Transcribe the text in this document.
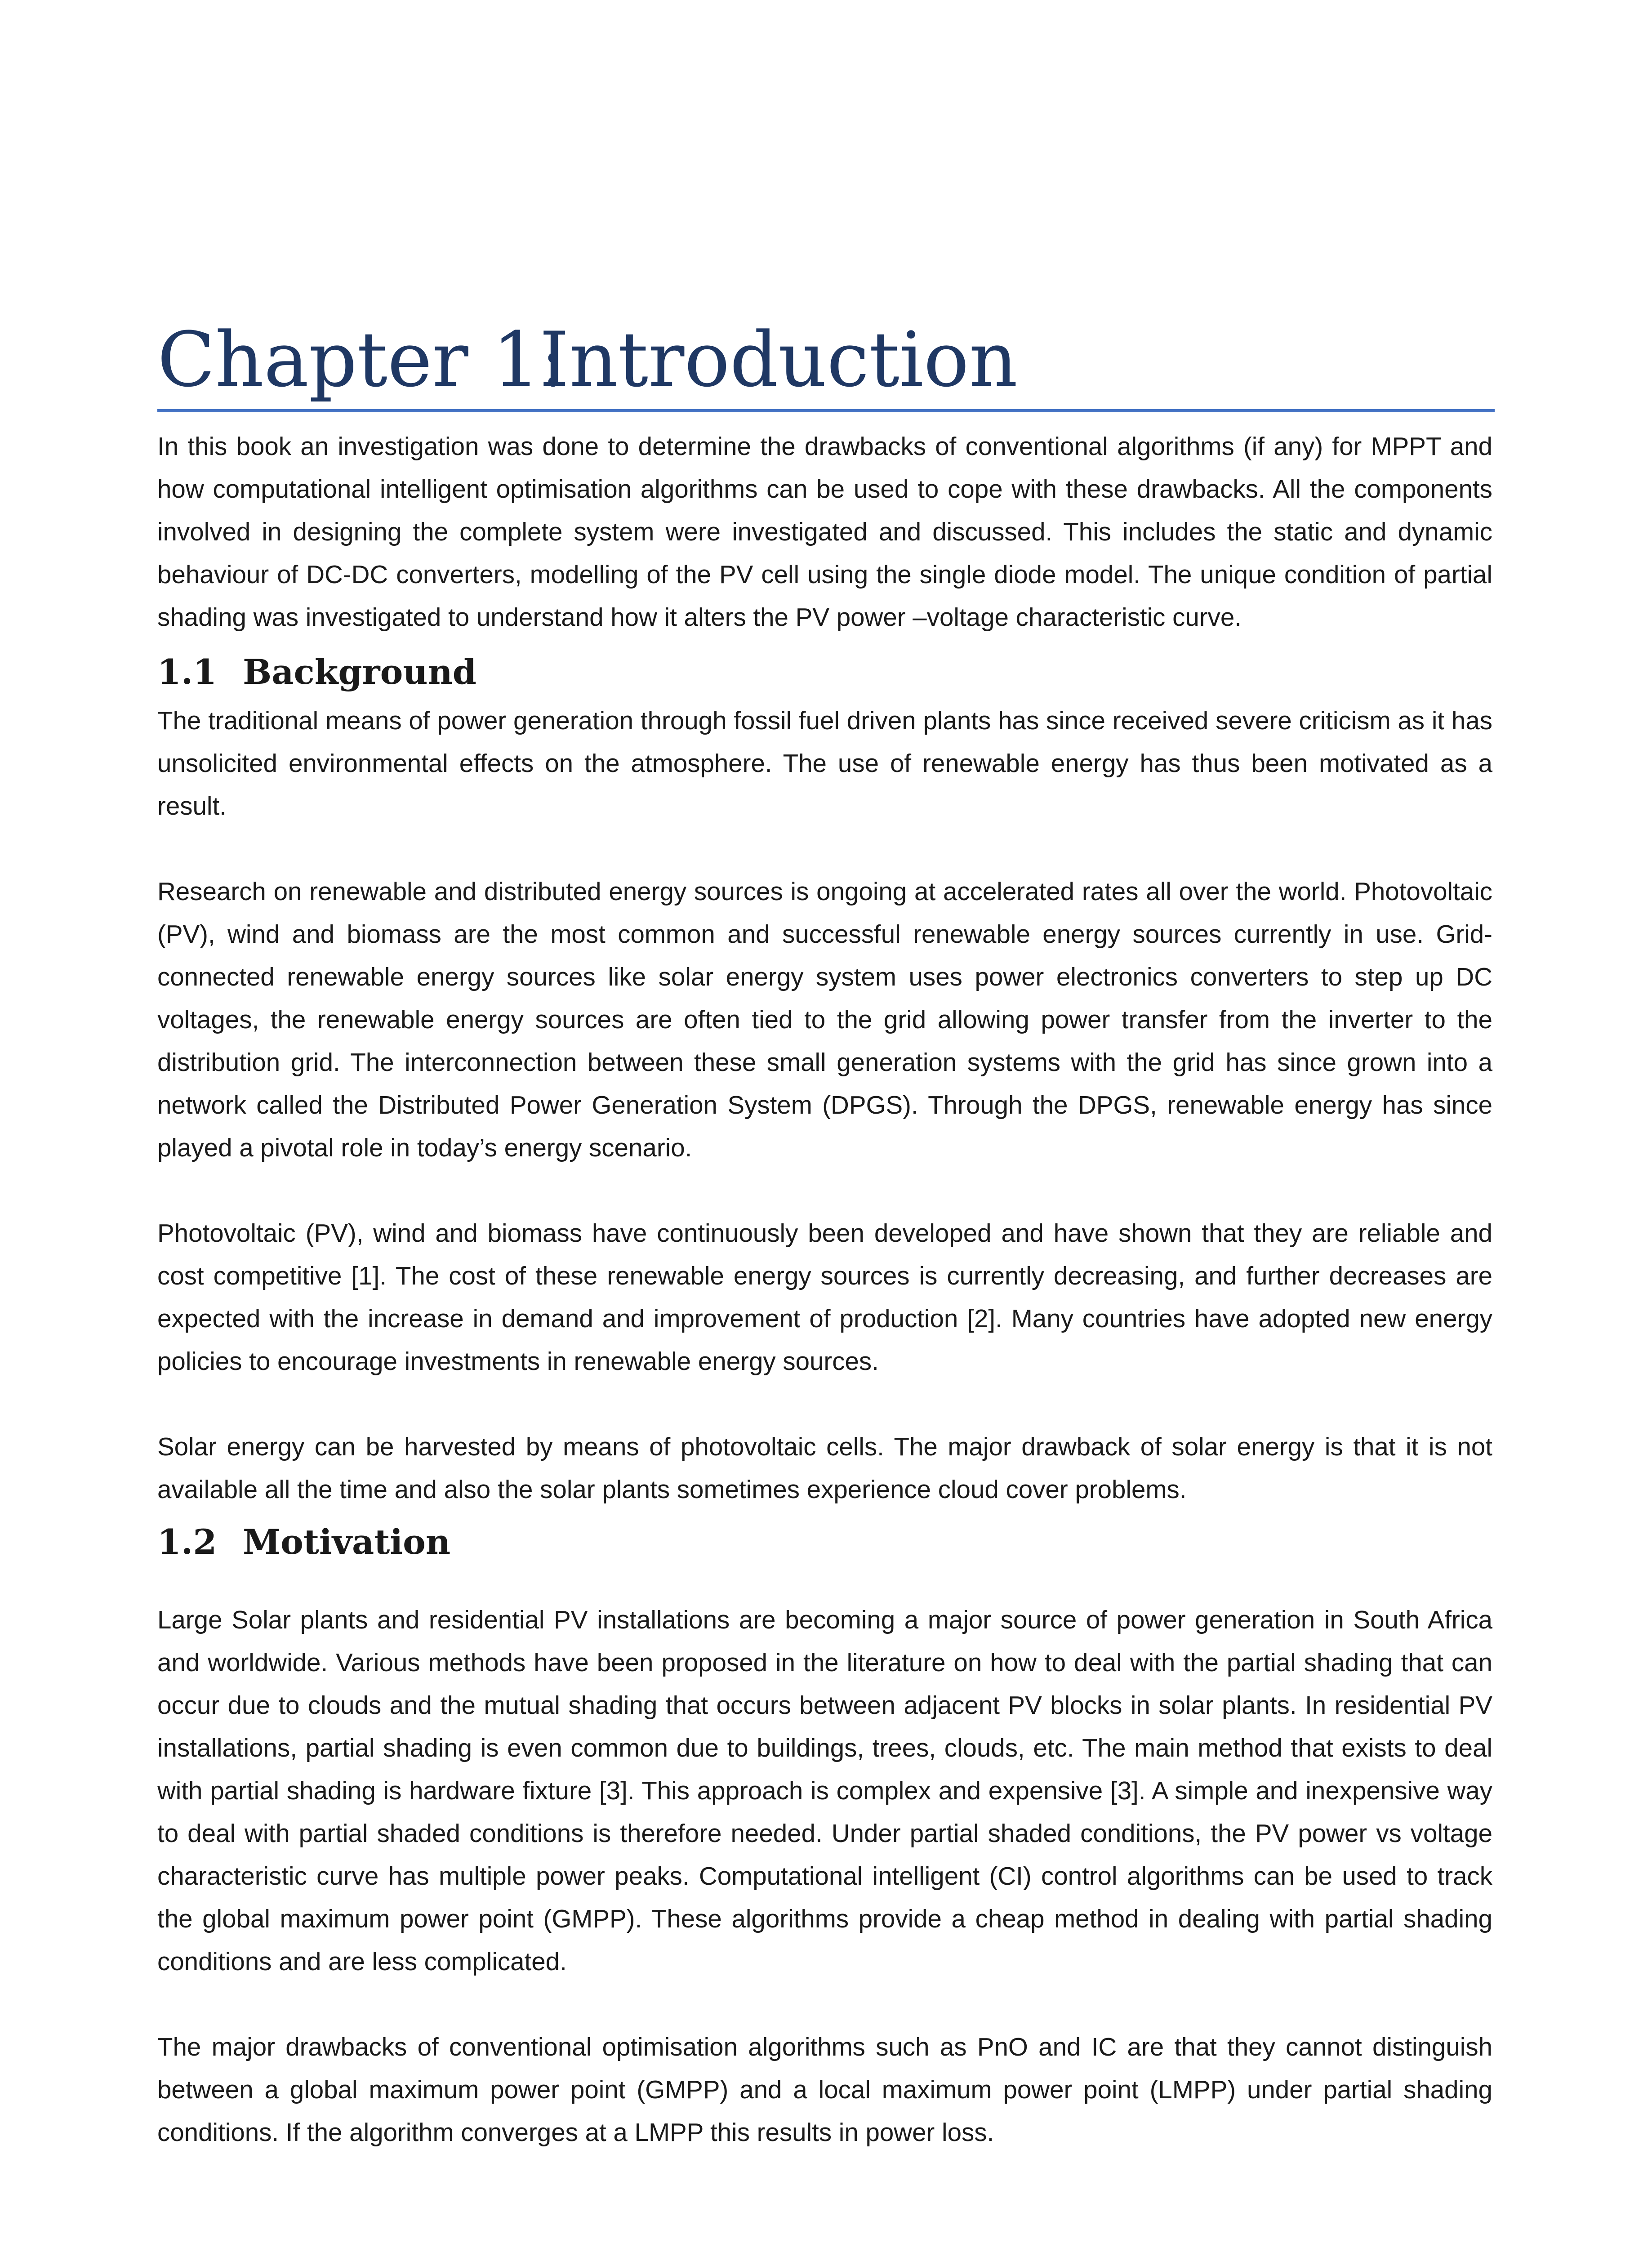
Chapter 1:Introduction

In this book an investigation was done to determine the drawbacks of conventional algorithms (if any) for MPPT and how computational intelligent optimisation algorithms can be used to cope with these drawbacks. All the components involved in designing the complete system were investigated and discussed. This includes the static and dynamic behaviour of DC-DC converters, modelling of the PV cell using the single diode model. The unique condition of partial shading was investigated to understand how it alters the PV power –voltage characteristic curve.

1.1 Background

The traditional means of power generation through fossil fuel driven plants has since received severe criticism as it has unsolicited environmental effects on the atmosphere. The use of renewable energy has thus been motivated as a result.

Research on renewable and distributed energy sources is ongoing at accelerated rates all over the world. Photovoltaic (PV), wind and biomass are the most common and successful renewable energy sources currently in use. Grid-connected renewable energy sources like solar energy system uses power electronics converters to step up DC voltages, the renewable energy sources are often tied to the grid allowing power transfer from the inverter to the distribution grid. The interconnection between these small generation systems with the grid has since grown into a network called the Distributed Power Generation System (DPGS). Through the DPGS, renewable energy has since played a pivotal role in today’s energy scenario.

Photovoltaic (PV), wind and biomass have continuously been developed and have shown that they are reliable and cost competitive [1]. The cost of these renewable energy sources is currently decreasing, and further decreases are expected with the increase in demand and improvement of production [2]. Many countries have adopted new energy policies to encourage investments in renewable energy sources.

Solar energy can be harvested by means of photovoltaic cells. The major drawback of solar energy is that it is not available all the time and also the solar plants sometimes experience cloud cover problems.

1.2 Motivation

Large Solar plants and residential PV installations are becoming a major source of power generation in South Africa and worldwide. Various methods have been proposed in the literature on how to deal with the partial shading that can occur due to clouds and the mutual shading that occurs between adjacent PV blocks in solar plants. In residential PV installations, partial shading is even common due to buildings, trees, clouds, etc. The main method that exists to deal with partial shading is hardware fixture [3]. This approach is complex and expensive [3]. A simple and inexpensive way to deal with partial shaded conditions is therefore needed. Under partial shaded conditions, the PV power vs voltage characteristic curve has multiple power peaks. Computational intelligent (CI) control algorithms can be used to track the global maximum power point (GMPP). These algorithms provide a cheap method in dealing with partial shading conditions and are less complicated.

The major drawbacks of conventional optimisation algorithms such as PnO and IC are that they cannot distinguish between a global maximum power point (GMPP) and a local maximum power point (LMPP) under partial shading conditions. If the algorithm converges at a LMPP this results in power loss.
